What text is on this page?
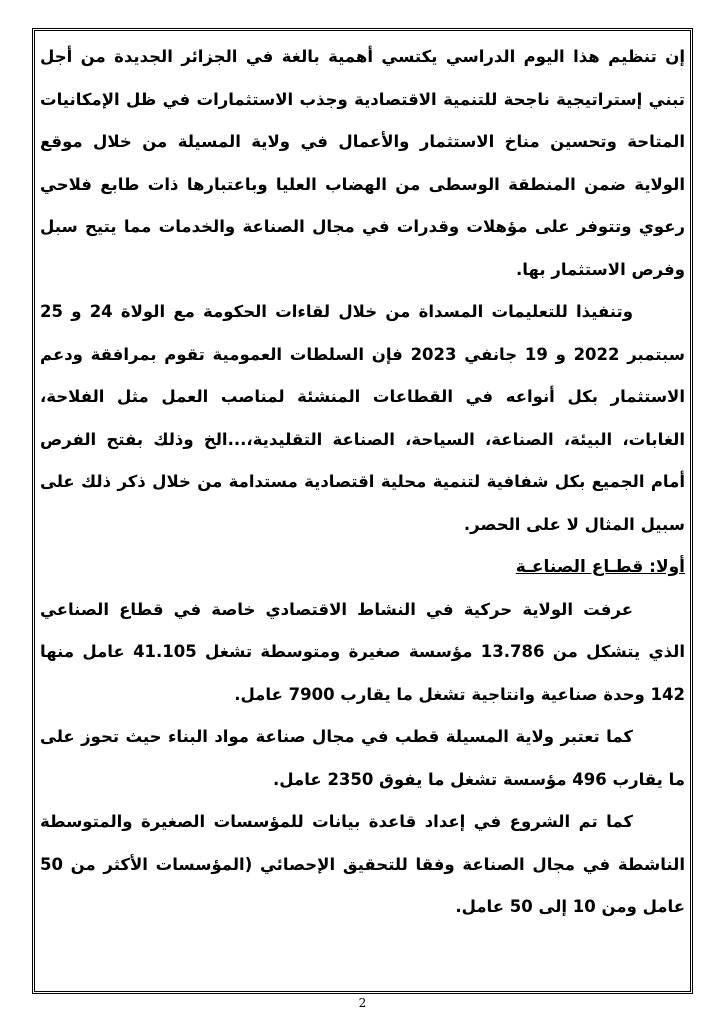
إن تنظيم هذا اليوم الدراسي يكتسي أهمية بالغة في الجزائر الجديدة من أجل تبني إستراتيجية ناجحة للتنمية الاقتصادية وجذب الاستثمارات في ظل الإمكانيات المتاحة وتحسين مناخ الاستثمار والأعمال في ولاية المسيلة من خلال موقع الولاية ضمن المنطقة الوسطى من الهضاب العليا وباعتبارها ذات طابع فلاحي رعوي وتتوفر على مؤهلات وقدرات في مجال الصناعة والخدمات مما يتيح سبل وفرص الاستثمار بها.

وتنفيذا للتعليمات المسداة من خلال لقاءات الحكومة مع الولاة 24 و 25 سبتمبر 2022 و 19 جانفي 2023 فإن السلطات العمومية تقوم بمرافقة ودعم الاستثمار بكل أنواعه في القطاعات المنشئة لمناصب العمل مثل الفلاحة، الغابات، البيئة، الصناعة، السياحة، الصناعة التقليدية،...الخ وذلك بفتح الفرص أمام الجميع بكل شفافية لتنمية محلية اقتصادية مستدامة من خلال ذكر ذلك على سبيل المثال لا على الحصر.

أولا: قطـاع الصناعـة

عرفت الولاية حركية في النشاط الاقتصادي خاصة في قطاع الصناعي الذي يتشكل من 13.786 مؤسسة صغيرة ومتوسطة تشغل 41.105 عامل منها 142 وحدة صناعية وانتاجية تشغل ما يقارب 7900 عامل.

كما تعتبر ولاية المسيلة قطب في مجال صناعة مواد البناء حيث تحوز على ما يقارب 496 مؤسسة تشغل ما يفوق 2350 عامل.

كما تم الشروع في إعداد قاعدة بيانات للمؤسسات الصغيرة والمتوسطة الناشطة في مجال الصناعة وفقا للتحقيق الإحصائي (المؤسسات الأكثر من 50 عامل ومن 10 إلى 50 عامل.

2
